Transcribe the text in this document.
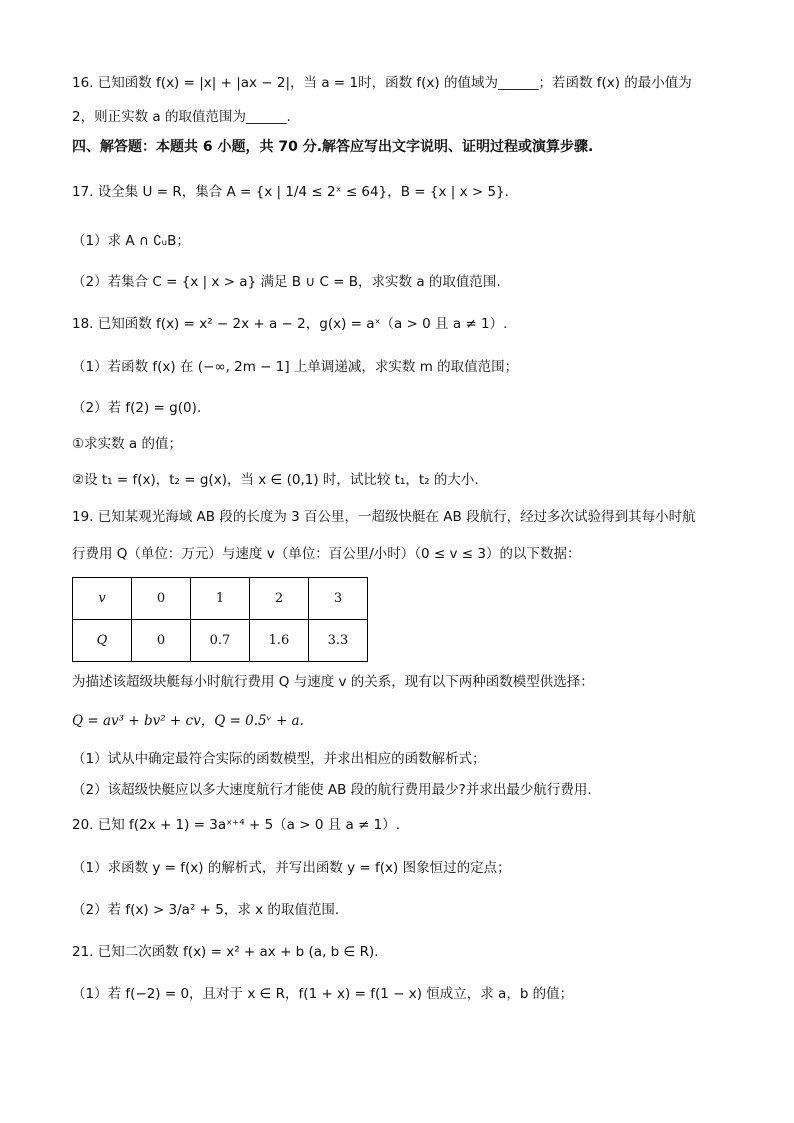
16. 已知函数 f(x) = |x| + |ax − 2|，当 a = 1时，函数 f(x) 的值域为______；若函数 f(x) 的最小值为
2，则正实数 a 的取值范围为______.
四、解答题：本题共 6 小题，共 70 分.解答应写出文字说明、证明过程或演算步骤.
17. 设全集 U = R，集合 A = {x | 1/4 ≤ 2ˣ ≤ 64}，B = {x | x > 5}.
（1）求 A ∩ ∁ᵤB；
（2）若集合 C = {x | x > a} 满足 B ∪ C = B，求实数 a 的取值范围.
18. 已知函数 f(x) = x² − 2x + a − 2，g(x) = aˣ（a > 0 且 a ≠ 1）.
（1）若函数 f(x) 在 (−∞, 2m − 1] 上单调递减，求实数 m 的取值范围；
（2）若 f(2) = g(0).
①求实数 a 的值；
②设 t₁ = f(x)，t₂ = g(x)，当 x ∈ (0,1) 时，试比较 t₁，t₂ 的大小.
19. 已知某观光海域 AB 段的长度为 3 百公里，一超级快艇在 AB 段航行，经过多次试验得到其每小时航
行费用 Q（单位：万元）与速度 v（单位：百公里/小时）（0 ≤ v ≤ 3）的以下数据：
v	0	1	2	3
Q	0	0.7	1.6	3.3
为描述该超级块艇每小时航行费用 Q 与速度 v 的关系，现有以下两种函数模型供选择：
Q = av³ + bv² + cv，Q = 0.5ᵛ + a.
（1）试从中确定最符合实际的函数模型，并求出相应的函数解析式；
（2）该超级快艇应以多大速度航行才能使 AB 段的航行费用最少?并求出最少航行费用.
20. 已知 f(2x + 1) = 3aˣ⁺⁴ + 5（a > 0 且 a ≠ 1）.
（1）求函数 y = f(x) 的解析式，并写出函数 y = f(x) 图象恒过的定点；
（2）若 f(x) > 3/a² + 5，求 x 的取值范围.
21. 已知二次函数 f(x) = x² + ax + b (a, b ∈ R).
（1）若 f(−2) = 0，且对于 x ∈ R，f(1 + x) = f(1 − x) 恒成立，求 a，b 的值；
